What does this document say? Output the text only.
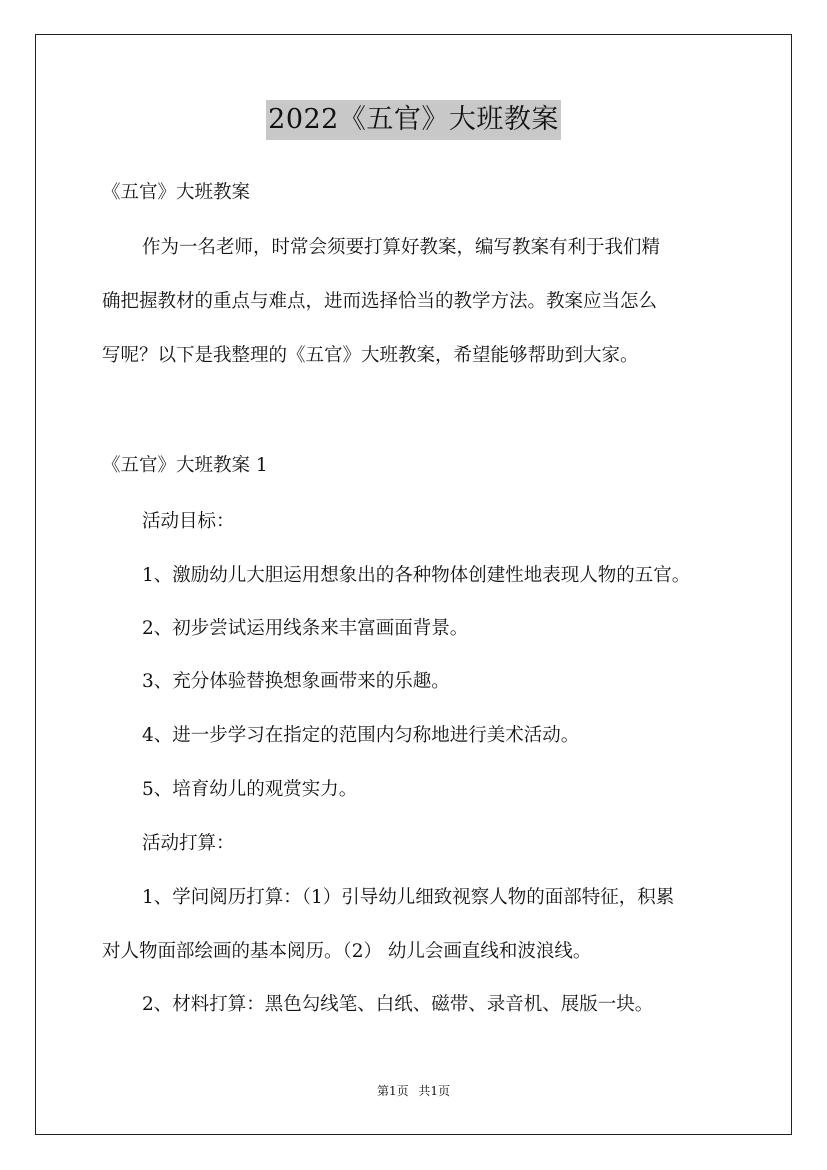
2022《五官》大班教案
《五官》大班教案
作为一名老师，时常会须要打算好教案，编写教案有利于我们精
确把握教材的重点与难点，进而选择恰当的教学方法。教案应当怎么
写呢？以下是我整理的《五官》大班教案，希望能够帮助到大家。
《五官》大班教案 1
活动目标：
1、激励幼儿大胆运用想象出的各种物体创建性地表现人物的五官。
2、初步尝试运用线条来丰富画面背景。
3、充分体验替换想象画带来的乐趣。
4、进一步学习在指定的范围内匀称地进行美术活动。
5、培育幼儿的观赏实力。
活动打算：
1、学问阅历打算：（1）引导幼儿细致视察人物的面部特征，积累
对人物面部绘画的基本阅历。（2） 幼儿会画直线和波浪线。
2、材料打算：黑色勾线笔、白纸、磁带、录音机、展版一块。
第1页 共1页
